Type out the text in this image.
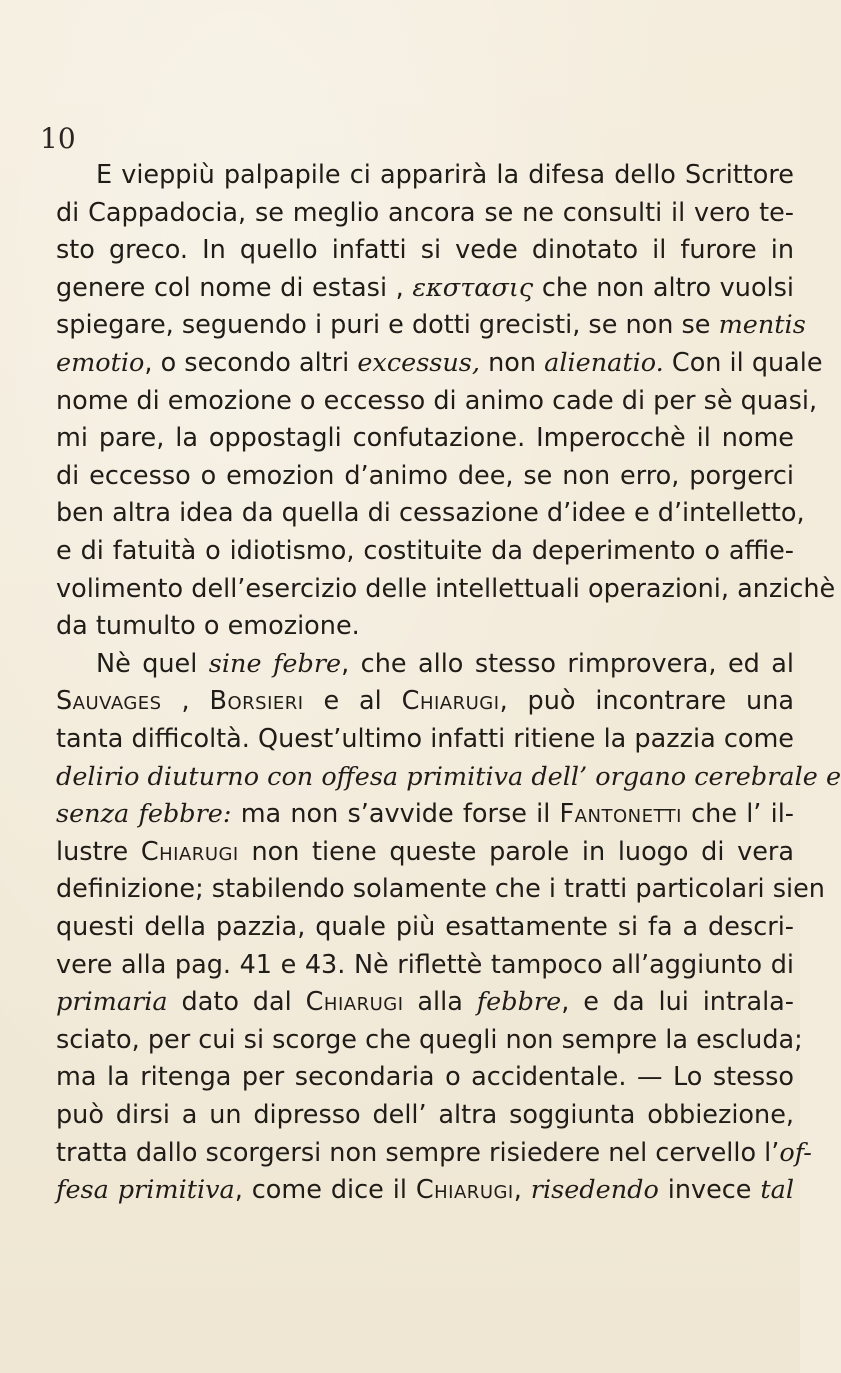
10
E vieppiù palpapile ci apparirà la difesa dello Scrittore
di Cappadocia, se meglio ancora se ne consulti il vero te-
sto greco. In quello infatti si vede dinotato il furore in
genere col nome di estasi , εκστασις che non altro vuolsi
spiegare, seguendo i puri e dotti grecisti, se non se mentis
emotio, o secondo altri excessus, non alienatio. Con il quale
nome di emozione o eccesso di animo cade di per sè quasi,
mi pare, la oppostagli confutazione. Imperocchè il nome
di eccesso o emozion d’animo dee, se non erro, porgerci
ben altra idea da quella di cessazione d’idee e d’intelletto,
e di fatuità o idiotismo, costituite da deperimento o affie-
volimento dell’esercizio delle intellettuali operazioni, anzichè
da tumulto o emozione.
Nè quel sine febre, che allo stesso rimprovera, ed al
Sauvages , Borsieri e al Chiarugi, può incontrare una
tanta difficoltà. Quest’ultimo infatti ritiene la pazzia come
delirio diuturno con offesa primitiva dell’ organo cerebrale e
senza febbre: ma non s’avvide forse il Fantonetti che l’ il-
lustre Chiarugi non tiene queste parole in luogo di vera
definizione; stabilendo solamente che i tratti particolari sien
questi della pazzia, quale più esattamente si fa a descri-
vere alla pag. 41 e 43. Nè riflettè tampoco all’aggiunto di
primaria dato dal Chiarugi alla febbre, e da lui intrala-
sciato, per cui si scorge che quegli non sempre la escluda;
ma la ritenga per secondaria o accidentale. — Lo stesso
può dirsi a un dipresso dell’ altra soggiunta obbiezione,
tratta dallo scorgersi non sempre risiedere nel cervello l’of-
fesa primitiva, come dice il Chiarugi, risedendo invece tal
